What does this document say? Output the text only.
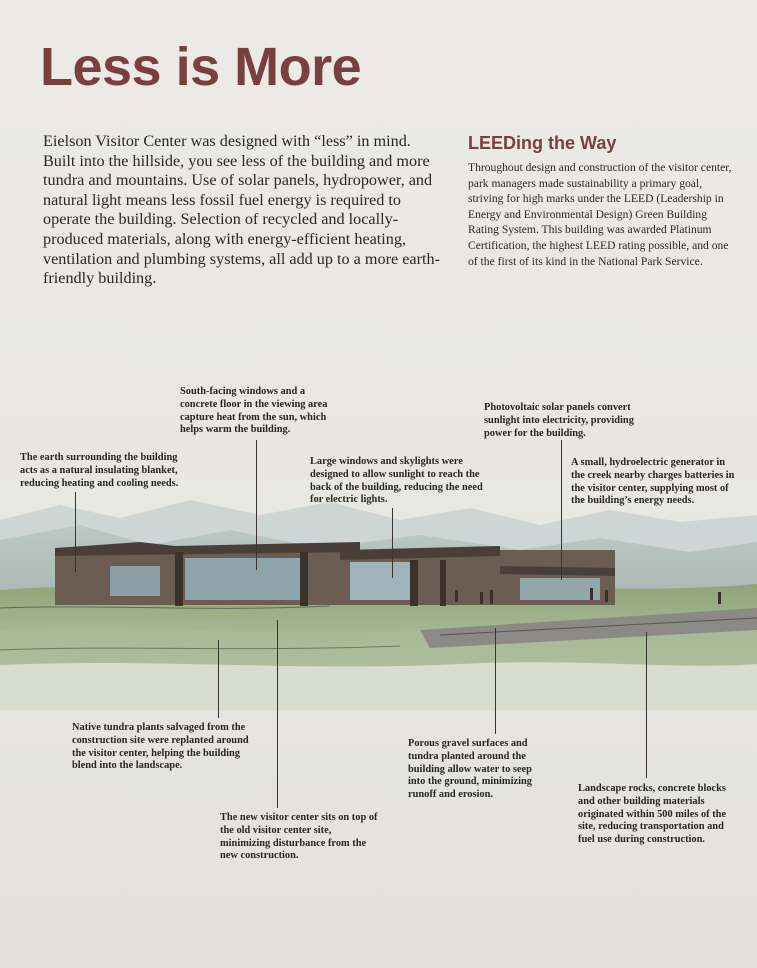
Less is More

Eielson Visitor Center was designed with “less” in mind. Built into the hillside, you see less of the building and more tundra and mountains. Use of solar panels, hydropower, and natural light means less fossil fuel energy is required to operate the building. Selection of recycled and locally-produced materials, along with energy-efficient heating, ventilation and plumbing systems, all add up to a more earth-friendly building.

LEEDing the Way

Throughout design and construction of the visitor center, park managers made sustainability a primary goal, striving for high marks under the LEED (Leadership in Energy and Environmental Design) Green Building Rating System. This building was awarded Platinum Certification, the highest LEED rating possible, and one of the first of its kind in the National Park Service.

The earth surrounding the building acts as a natural insulating blanket, reducing heating and cooling needs.

South-facing windows and a concrete floor in the viewing area capture heat from the sun, which helps warm the building.

Large windows and skylights were designed to allow sunlight to reach the back of the building, reducing the need for electric lights.

Photovoltaic solar panels convert sunlight into electricity, providing power for the building.

A small, hydroelectric generator in the creek nearby charges batteries in the visitor center, supplying most of the building’s energy needs.

Native tundra plants salvaged from the construction site were replanted around the visitor center, helping the building blend into the landscape.

The new visitor center sits on top of the old visitor center site, minimizing disturbance from the new construction.

Porous gravel surfaces and tundra planted around the building allow water to seep into the ground, minimizing runoff and erosion.

Landscape rocks, concrete blocks and other building materials originated within 500 miles of the site, reducing transportation and fuel use during construction.
